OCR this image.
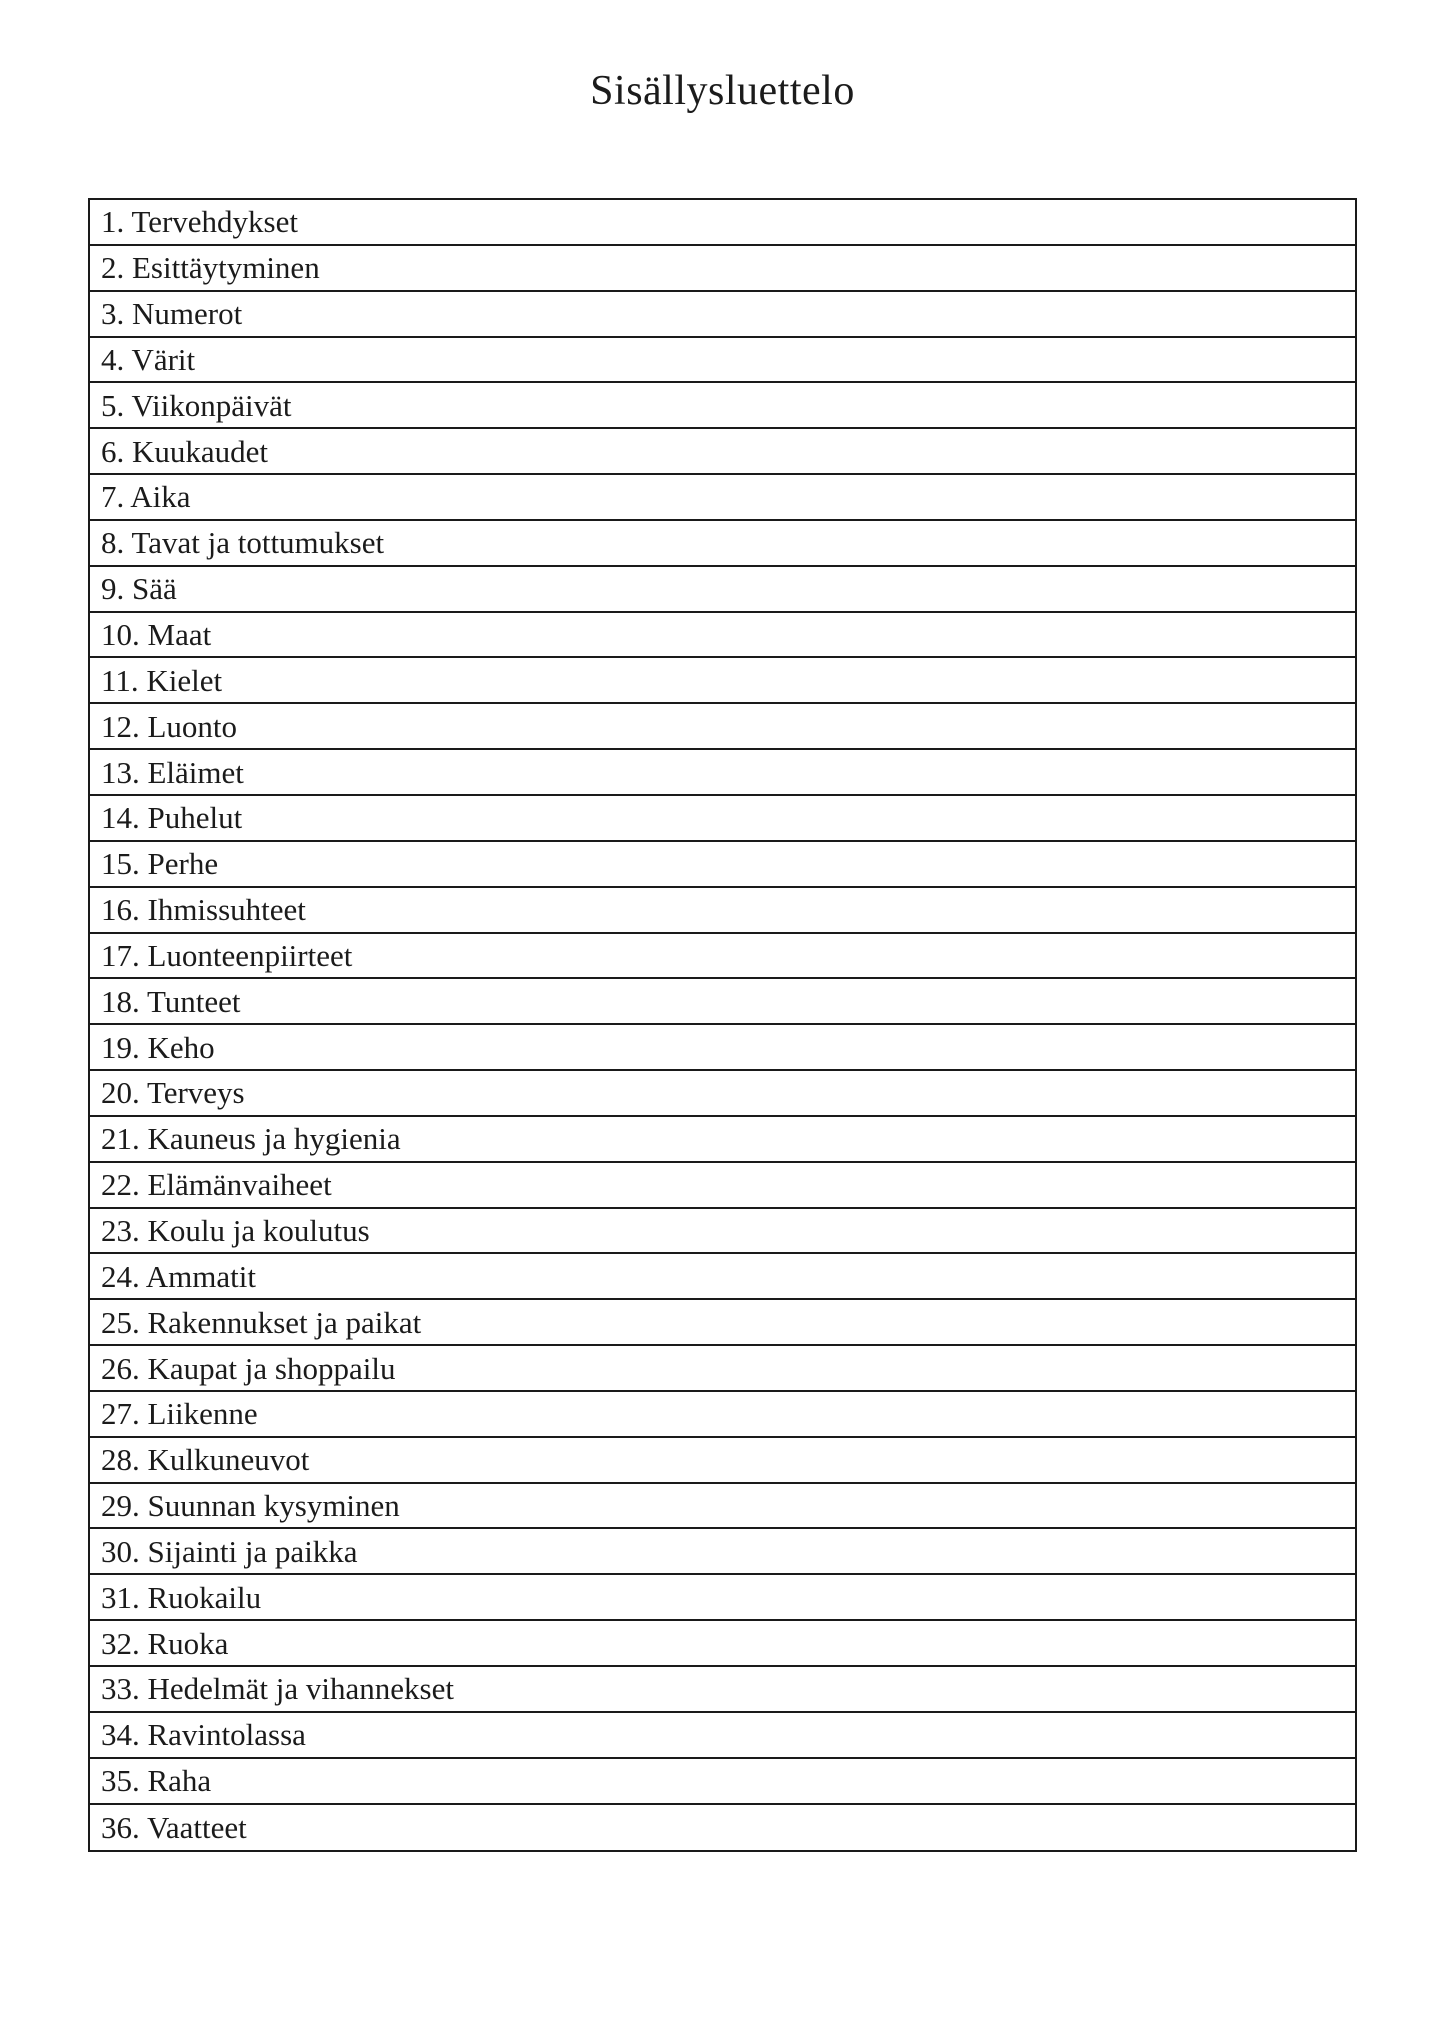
Sisällysluettelo
1. Tervehdykset
2. Esittäytyminen
3. Numerot
4. Värit
5. Viikonpäivät
6. Kuukaudet
7. Aika
8. Tavat ja tottumukset
9. Sää
10. Maat
11. Kielet
12. Luonto
13. Eläimet
14. Puhelut
15. Perhe
16. Ihmissuhteet
17. Luonteenpiirteet
18. Tunteet
19. Keho
20. Terveys
21. Kauneus ja hygienia
22. Elämänvaiheet
23. Koulu ja koulutus
24. Ammatit
25. Rakennukset ja paikat
26. Kaupat ja shoppailu
27. Liikenne
28. Kulkuneuvot
29. Suunnan kysyminen
30. Sijainti ja paikka
31. Ruokailu
32. Ruoka
33. Hedelmät ja vihannekset
34. Ravintolassa
35. Raha
36. Vaatteet
